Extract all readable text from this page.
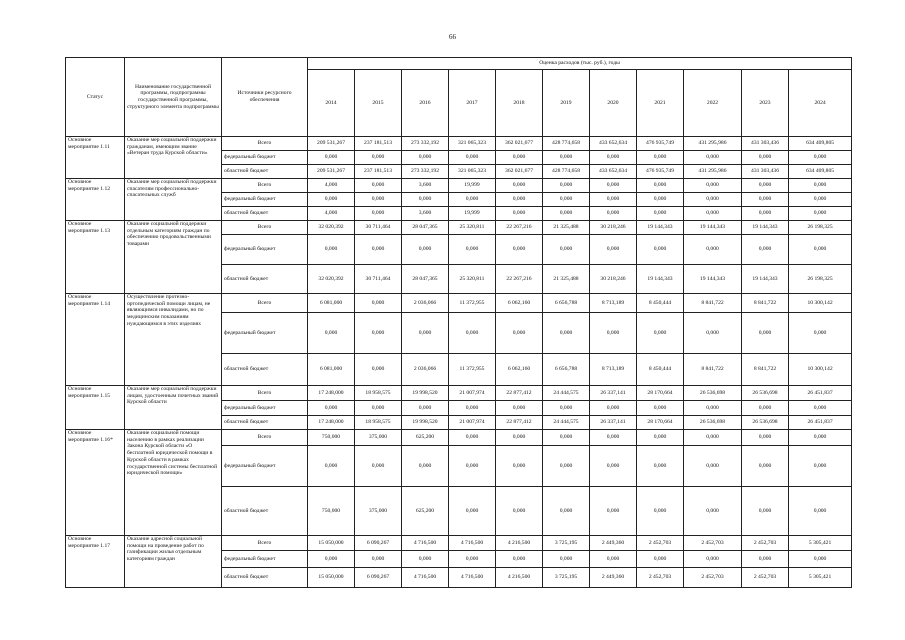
66
Статус	Наименование государственной программы, подпрограммы государственной программы, структурного элемента подпрограммы	Источники ресурсного обеспечения	Оценка расходов (тыс. руб.), годы										
			2014	2015	2016	2017	2018	2019	2020	2021	2022	2023	2024
Основное мероприятие 1.11	Оказание мер социальной поддержки гражданам, имеющим звание «Ветеран труда Курской области»	Всего	209 531,267	237 181,513	273 332,192	321 065,323	362 021,677	428 774,658	433 652,634	476 935,749	431 295,986	431 303,436	634 409,805
		федеральный бюджет	0,000	0,000	0,000	0,000	0,000	0,000	0,000	0,000	0,000	0,000	0,000
		областной бюджет	209 531,267	237 181,513	273 332,192	321 065,323	362 021,677	428 774,658	433 652,634	476 935,749	431 295,986	431 303,436	634 409,805
Основное мероприятие 1.12	Оказание мер социальной поддержки спасателям профессионально-спасательных служб	Всего	4,000	0,000	3,600	19,999	0,000	0,000	0,000	0,000	0,000	0,000	0,000
		федеральный бюджет	0,000	0,000	0,000	0,000	0,000	0,000	0,000	0,000	0,000	0,000	0,000
		областной бюджет	4,000	0,000	3,600	19,999	0,000	0,000	0,000	0,000	0,000	0,000	0,000
Основное мероприятие 1.13	Оказание социальной поддержки отдельным категориям граждан по обеспечению продовольственными товарами	Всего	32 020,392	30 711,464	28 047,365	25 320,811	22 267,216	21 325,488	30 218,246	19 144,343	19 144,343	19 144,343	26 198,325
		федеральный бюджет	0,000	0,000	0,000	0,000	0,000	0,000	0,000	0,000	0,000	0,000	0,000
		областной бюджет	32 020,392	30 711,464	28 047,365	25 320,811	22 267,216	21 325,488	30 218,246	19 144,343	19 144,343	19 144,343	26 198,325
Основное мероприятие 1.14	Осуществление протезно-ортопедической помощи лицам, не являющимся инвалидами, но по медицинским показаниям нуждающимся в этих изделиях	Всего	6 081,000	0,000	2 036,066	11 372,955	6 062,160	6 656,788	8 713,189	8 450,444	8 841,722	8 841,722	10 300,142
		федеральный бюджет	0,000	0,000	0,000	0,000	0,000	0,000	0,000	0,000	0,000	0,000	0,000
		областной бюджет	6 081,000	0,000	2 036,066	11 372,955	6 062,160	6 656,788	8 713,189	8 450,444	8 841,722	8 841,722	10 300,142
Основное мероприятие 1.15	Оказание мер социальной поддержки лицам, удостоенным почетных званий Курской области	Всего	17 248,000	18 958,575	19 998,520	21 007,974	22 877,412	24 444,575	26 337,141	28 170,664	26 536,698	26 536,698	26 451,837
		федеральный бюджет	0,000	0,000	0,000	0,000	0,000	0,000	0,000	0,000	0,000	0,000	0,000
		областной бюджет	17 248,000	18 958,575	19 998,520	21 007,974	22 877,412	24 444,575	26 337,141	28 170,664	26 536,698	26 536,698	26 451,837
Основное мероприятие 1.16*	Оказание социальной помощи населению в рамках реализации Закона Курской области «О бесплатной юридической помощи в Курской области в рамках государственной системы бесплатной юридической помощи»	Всего	750,000	375,000	625,200	0,000	0,000	0,000	0,000	0,000	0,000	0,000	0,000
		федеральный бюджет	0,000	0,000	0,000	0,000	0,000	0,000	0,000	0,000	0,000	0,000	0,000
		областной бюджет	750,000	375,000	625,200	0,000	0,000	0,000	0,000	0,000	0,000	0,000	0,000
Основное мероприятие 1.17	Оказание адресной социальной помощи на проведение работ по газификации жилья отдельным категориям граждан	Всего	15 050,000	6 090,267	4 716,500	4 716,500	4 216,500	3 725,195	2 449,360	2 452,703	2 452,703	2 452,703	5 305,421
		федеральный бюджет	0,000	0,000	0,000	0,000	0,000	0,000	0,000	0,000	0,000	0,000	0,000
		областной бюджет	15 050,000	6 090,267	4 716,500	4 716,500	4 216,500	3 725,195	2 449,360	2 452,703	2 452,703	2 452,703	5 305,421
